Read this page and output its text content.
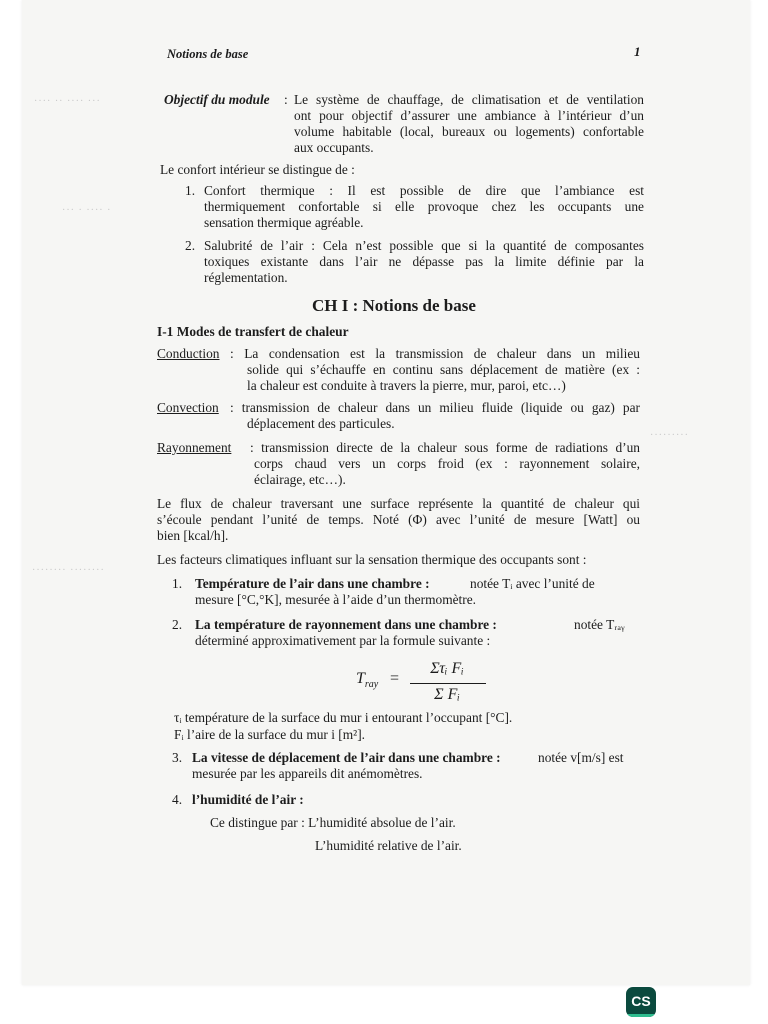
Notions de base	1
···· ·· ···· ···
··· · ···· ·
········ ········
·········
Objectif du module : Le système de chauffage, de climatisation et de ventilation
ont pour objectif d’assurer une ambiance à l’intérieur d’un
volume habitable (local, bureaux ou logements) confortable
aux occupants.
Le confort intérieur se distingue de :
1. Confort thermique : Il est possible de dire que l’ambiance est
thermiquement confortable si elle provoque chez les occupants une
sensation thermique agréable.
2. Salubrité de l’air : Cela n’est possible que si la quantité de composantes
toxiques existante dans l’air ne dépasse pas la limite définie par la
réglementation.
CH I : Notions de base
I-1 Modes de transfert de chaleur
Conduction : La condensation est la transmission de chaleur dans un milieu
solide qui s’échauffe en continu sans déplacement de matière (ex :
la chaleur est conduite à travers la pierre, mur, paroi, etc…)
Convection : transmission de chaleur dans un milieu fluide (liquide ou gaz) par
déplacement des particules.
Rayonnement : transmission directe de la chaleur sous forme de radiations d’un
corps chaud vers un corps froid (ex : rayonnement solaire,
éclairage, etc…).
Le flux de chaleur traversant une surface représente la quantité de chaleur qui
s’écoule pendant l’unité de temps. Noté (Φ) avec l’unité de mesure [Watt] ou
bien [kcal/h].
Les facteurs climatiques influant sur la sensation thermique des occupants sont :
1. Température de l’air dans une chambre :	notée Tᵢ avec l’unité de
mesure [°C,°K], mesurée à l’aide d’un thermomètre.
2. La température de rayonnement dans une chambre :	notée Tᵣₐᵧ
déterminé approximativement par la formule suivante :
$T_{ray}$ =
Στᵢ Fᵢ
Σ Fᵢ
τᵢ température de la surface du mur i entourant l’occupant [°C].
Fᵢ l’aire de la surface du mur i [m²].
3. La vitesse de déplacement de l’air dans une chambre :	notée v[m/s] est
mesurée par les appareils dit anémomètres.
4. l’humidité de l’air :
Ce distingue par : L’humidité absolue de l’air.
L’humidité relative de l’air.
CS
